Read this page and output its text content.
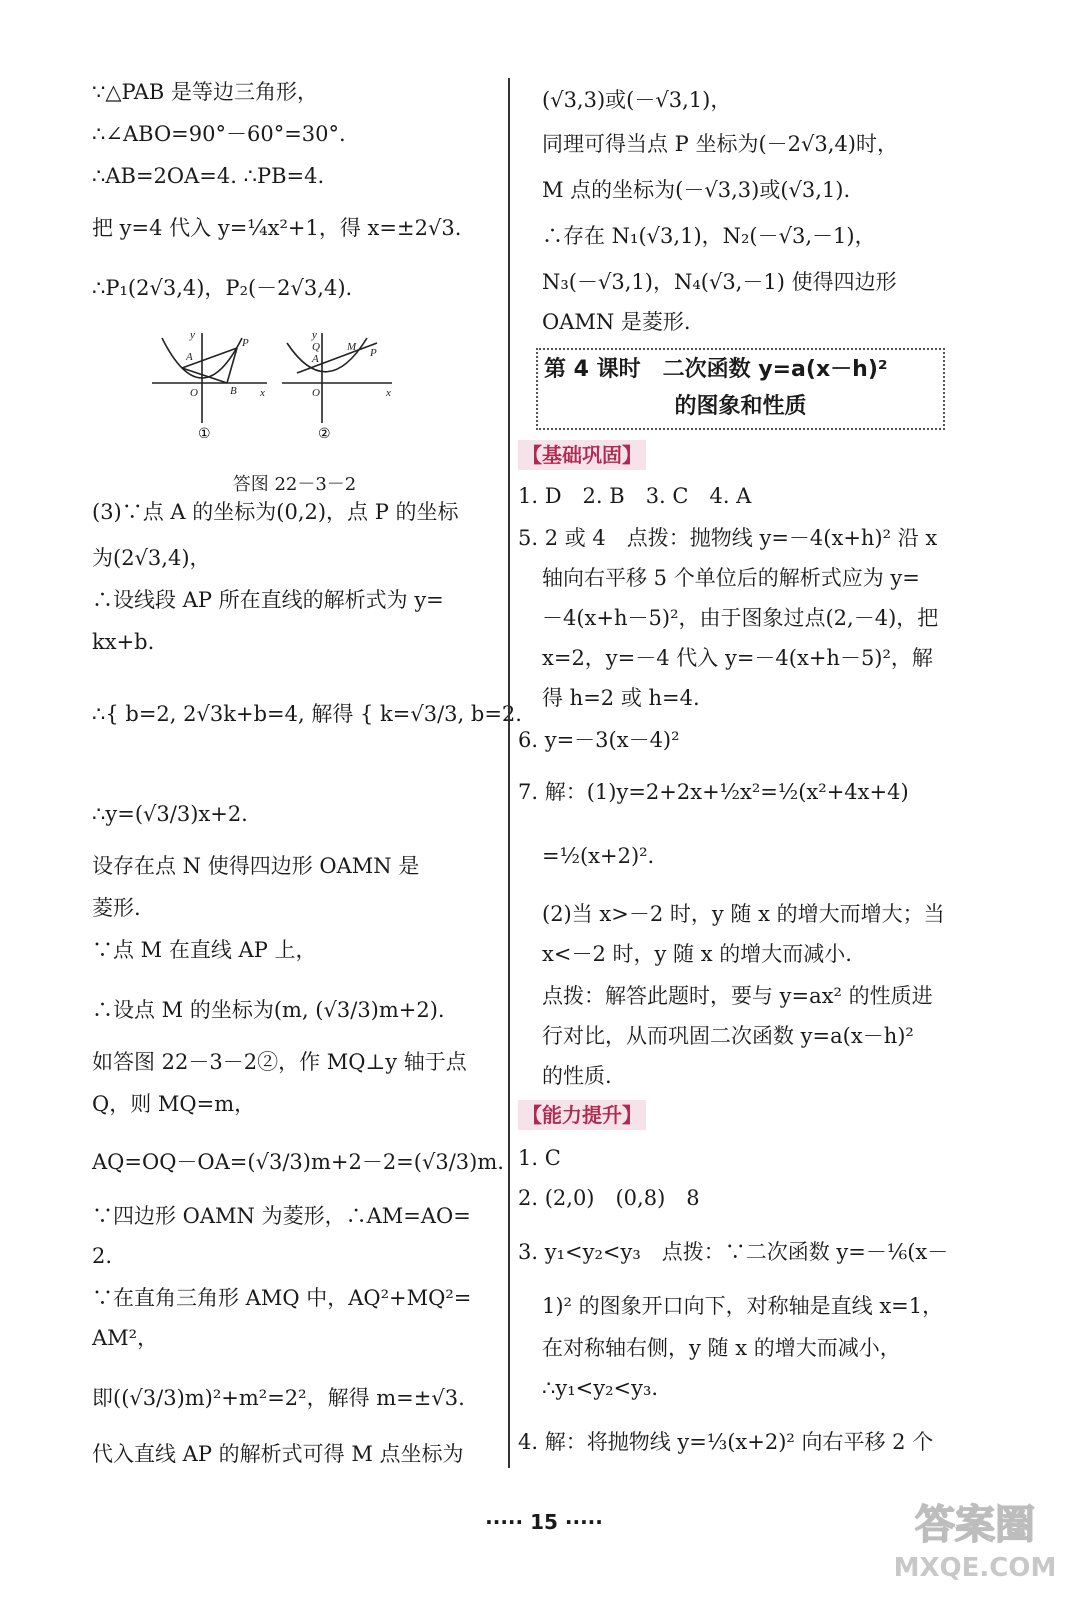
∵△PAB 是等边三角形，
∴∠ABO=90°－60°=30°.
∴AB=2OA=4. ∴PB=4.
把 y=4 代入 y=¼x²+1，得 x=±2√3.
∴P₁(2√3,4)，P₂(－2√3,4).
y
P
A
O	B x
y
M P
Q
A
O	x
①	②
答图 22－3－2
(3)∵点 A 的坐标为(0,2)，点 P 的坐标
为(2√3,4)，
∴设线段 AP 所在直线的解析式为 y=
kx+b.
∴{ b=2, 2√3k+b=4, 解得 { k=√3/3, b=2.
∴y=(√3/3)x+2.
设存在点 N 使得四边形 OAMN 是
菱形.
∵点 M 在直线 AP 上，
∴设点 M 的坐标为(m, (√3/3)m+2).
如答图 22－3－2②，作 MQ⊥y 轴于点
Q，则 MQ=m，
AQ=OQ－OA=(√3/3)m+2－2=(√3/3)m.
∵四边形 OAMN 为菱形，∴AM=AO=
2.
∵在直角三角形 AMQ 中，AQ²+MQ²=
AM²，
即((√3/3)m)²+m²=2²，解得 m=±√3.
代入直线 AP 的解析式可得 M 点坐标为
(√3,3)或(－√3,1)，
同理可得当点 P 坐标为(－2√3,4)时，
M 点的坐标为(－√3,3)或(√3,1).
∴存在 N₁(√3,1)，N₂(－√3,－1)，
N₃(－√3,1)，N₄(√3,－1) 使得四边形
OAMN 是菱形.
第 4 课时　二次函数 y=a(x－h)²
的图象和性质
【基础巩固】
1. D　2. B　3. C　4. A
5. 2 或 4　点拨：抛物线 y=－4(x+h)² 沿 x
轴向右平移 5 个单位后的解析式应为 y=
－4(x+h－5)²，由于图象过点(2,－4)，把
x=2，y=－4 代入 y=－4(x+h－5)²，解
得 h=2 或 h=4.
6. y=－3(x－4)²
7. 解：(1)y=2+2x+½x²=½(x²+4x+4)
=½(x+2)².
(2)当 x>－2 时，y 随 x 的增大而增大；当
x<－2 时，y 随 x 的增大而减小.
点拨：解答此题时，要与 y=ax² 的性质进
行对比，从而巩固二次函数 y=a(x－h)²
的性质.
【能力提升】
1. C
2. (2,0)　(0,8)　8
3. y₁<y₂<y₃　点拨：∵二次函数 y=－⅙(x－
1)² 的图象开口向下，对称轴是直线 x=1，
在对称轴右侧，y 随 x 的增大而减小，
∴y₁<y₂<y₃.
4. 解：将抛物线 y=⅓(x+2)² 向右平移 2 个
····· 15 ·····	答案圈
MXQE.COM
